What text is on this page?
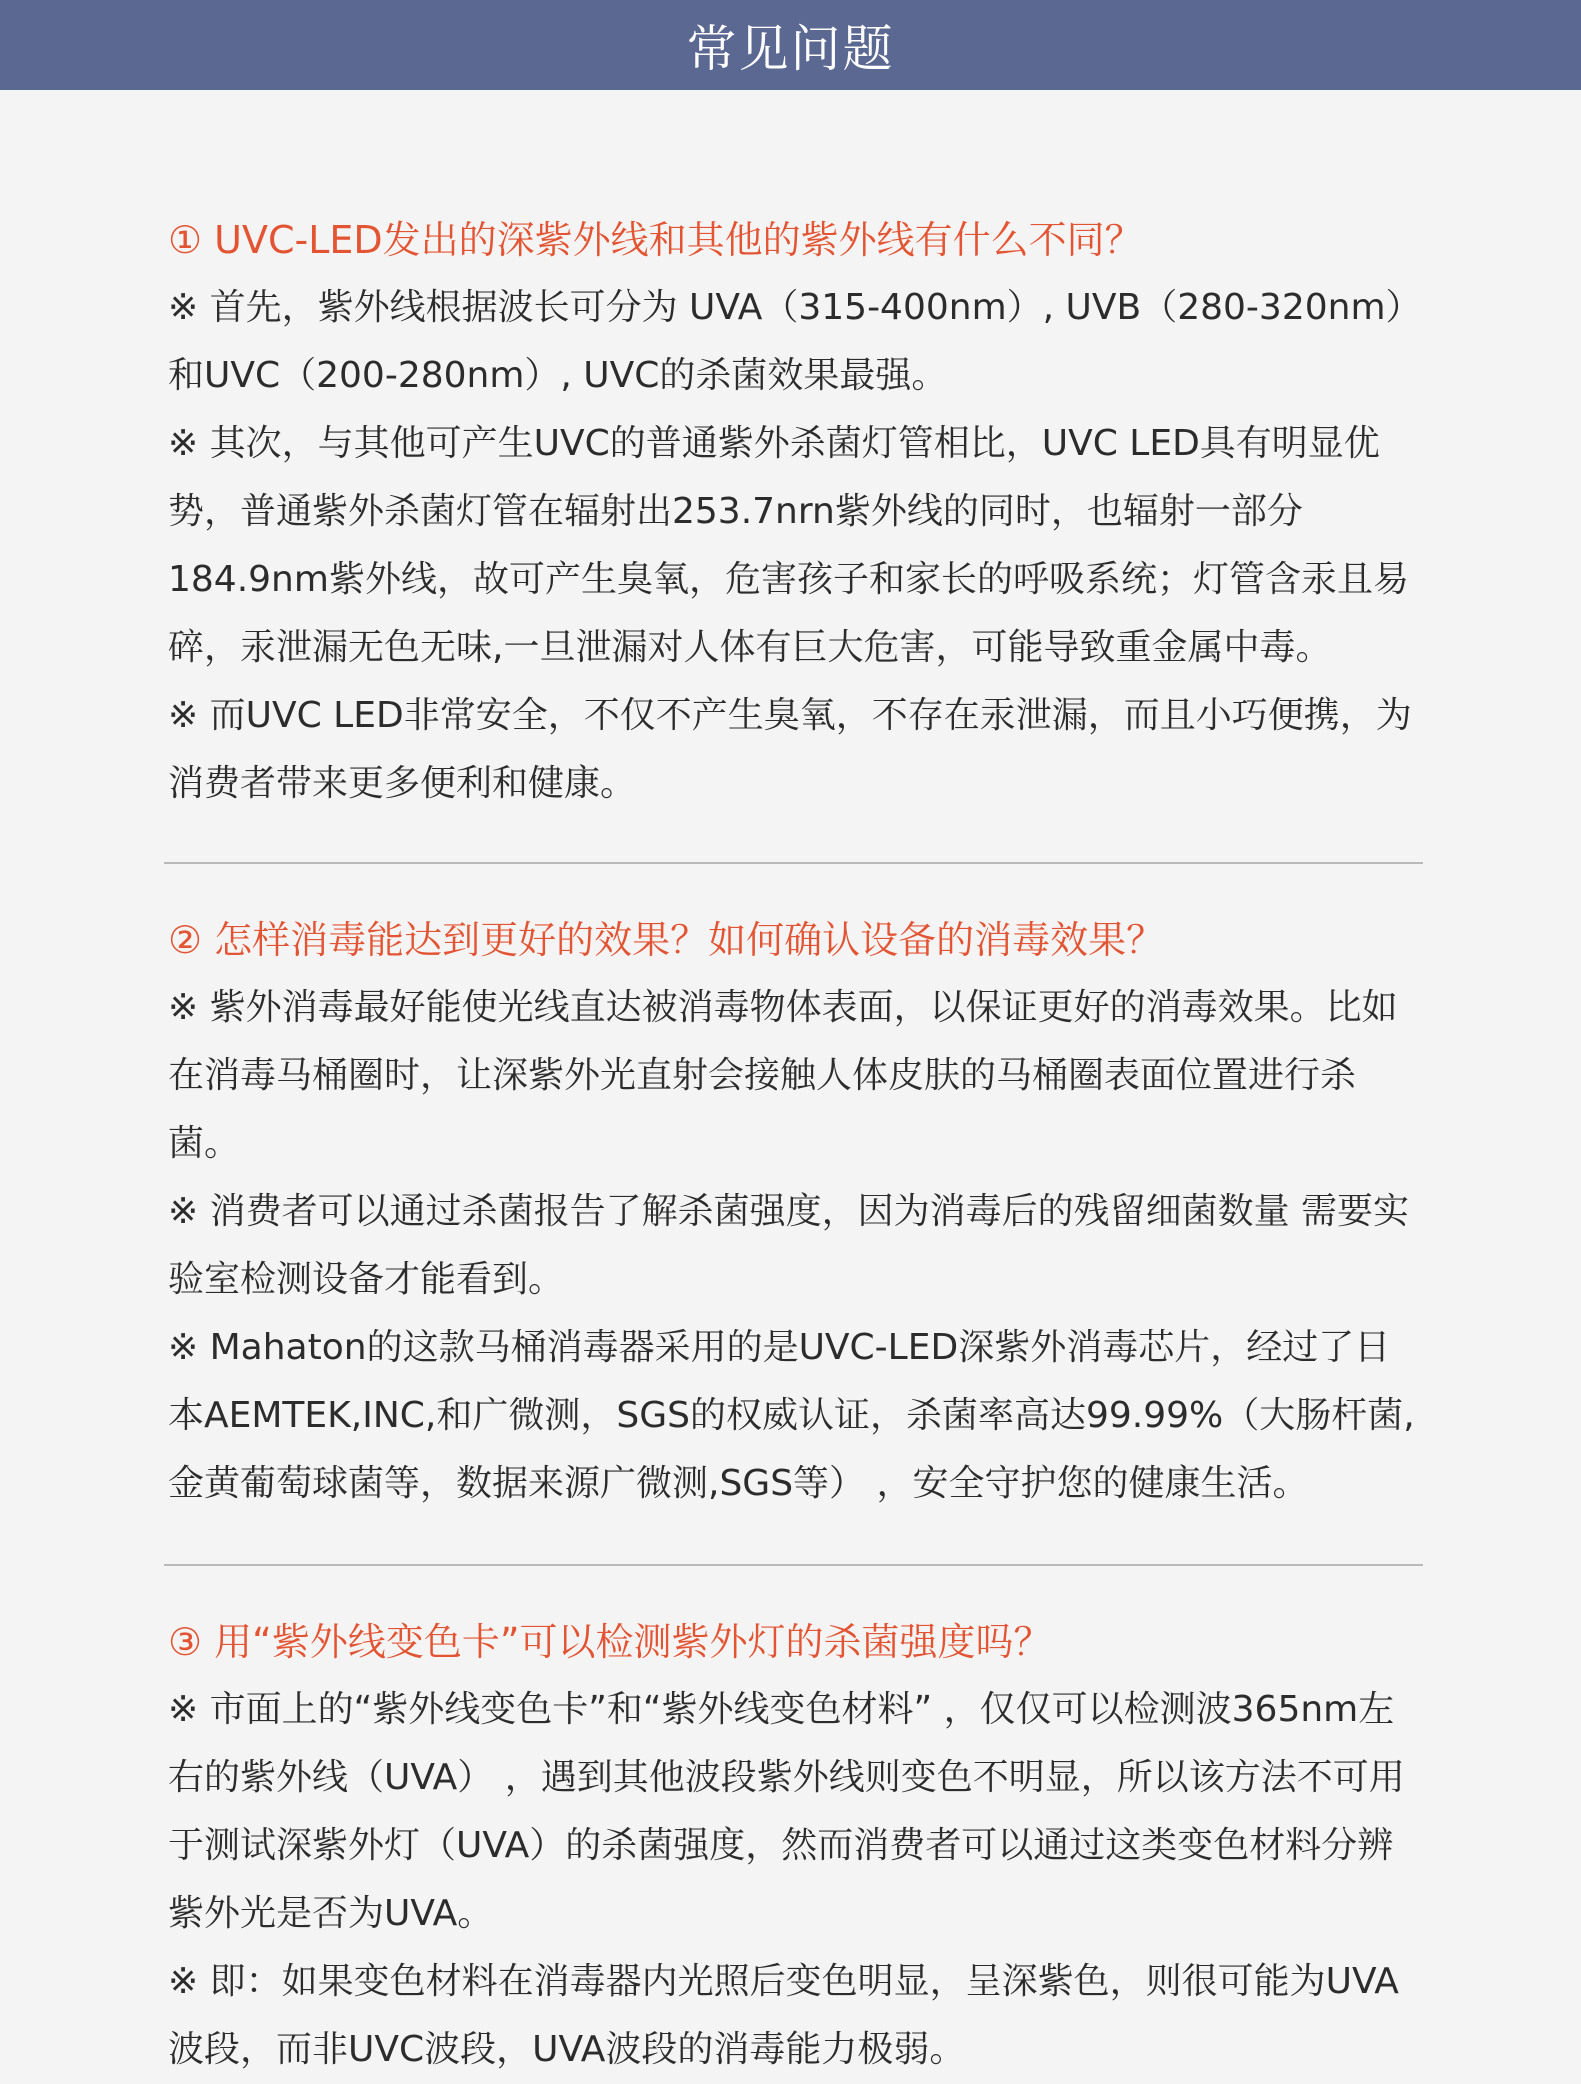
常见问题
① UVC-LED发出的深紫外线和其他的紫外线有什么不同？
※ 首先，紫外线根据波长可分为 UVA（315-400nm）, UVB（280-320nm）和UVC（200-280nm）, UVC的杀菌效果最强。
※ 其次，与其他可产生UVC的普通紫外杀菌灯管相比，UVC LED具有明显优势，普通紫外杀菌灯管在辐射出253.7nrn紫外线的同时，也辐射一部分184.9nm紫外线，故可产生臭氧，危害孩子和家长的呼吸系统；灯管含汞且易碎，汞泄漏无色无味,一旦泄漏对人体有巨大危害，可能导致重金属中毒。
※ 而UVC LED非常安全，不仅不产生臭氧，不存在汞泄漏，而且小巧便携，为消费者带来更多便利和健康。
② 怎样消毒能达到更好的效果？如何确认设备的消毒效果？
※ 紫外消毒最好能使光线直达被消毒物体表面，以保证更好的消毒效果。比如在消毒马桶圈时，让深紫外光直射会接触人体皮肤的马桶圈表面位置进行杀菌。
※ 消费者可以通过杀菌报告了解杀菌强度，因为消毒后的残留细菌数量 需要实验室检测设备才能看到。
※ Mahaton的这款马桶消毒器采用的是UVC-LED深紫外消毒芯片，经过了日本AEMTEK,INC,和广微测，SGS的权威认证，杀菌率高达99.99%（大肠杆菌,金黄葡萄球菌等，数据来源广微测,SGS等） ，安全守护您的健康生活。
③ 用“紫外线变色卡”可以检测紫外灯的杀菌强度吗？
※ 市面上的“紫外线变色卡”和“紫外线变色材料” ，仅仅可以检测波365nm左右的紫外线（UVA） ，遇到其他波段紫外线则变色不明显，所以该方法不可用于测试深紫外灯（UVA）的杀菌强度，然而消费者可以通过这类变色材料分辨紫外光是否为UVA。
※ 即：如果变色材料在消毒器内光照后变色明显，呈深紫色，则很可能为UVA波段，而非UVC波段，UVA波段的消毒能力极弱。
